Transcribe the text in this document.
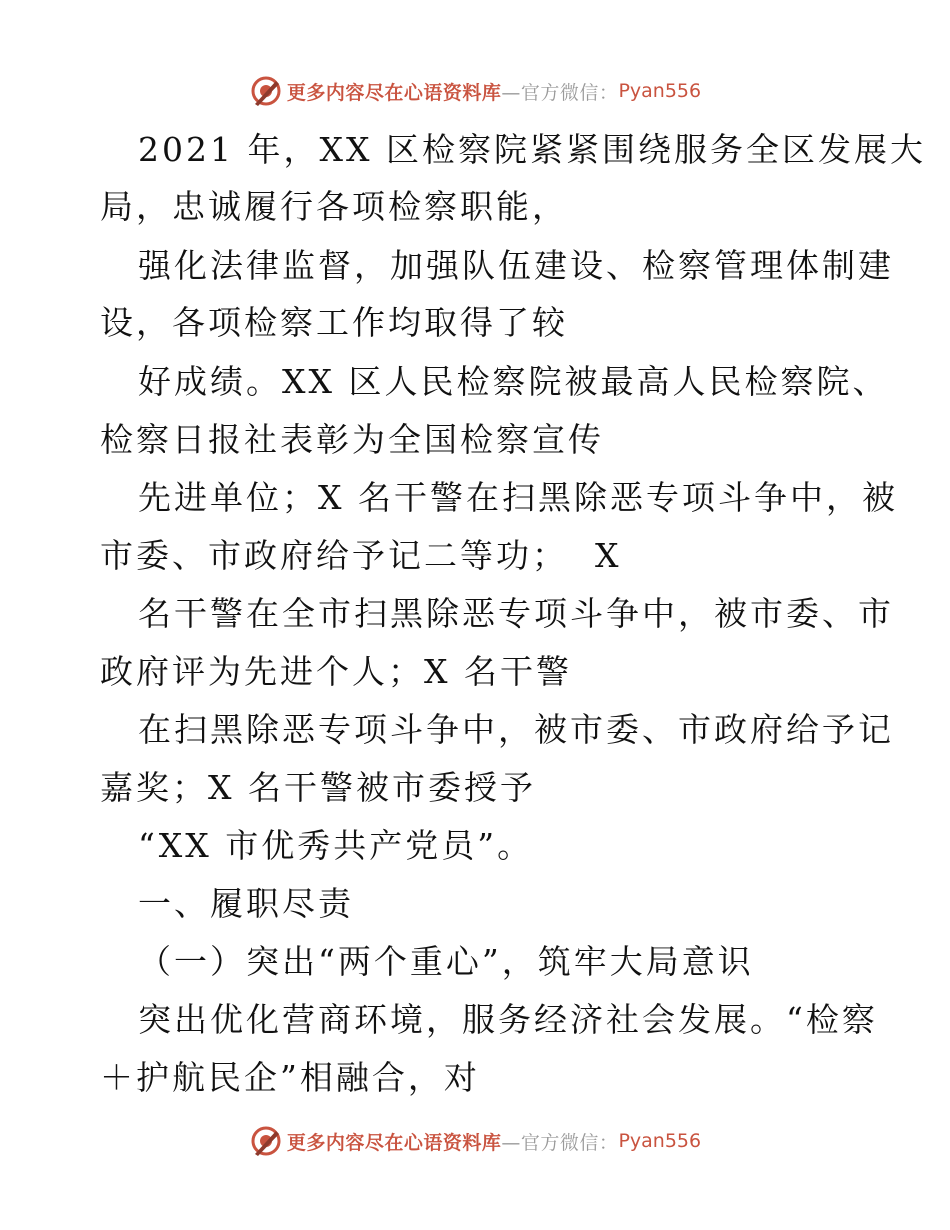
更多内容尽在心语资料库 —官方微信： Pyan556
2021 年，XX 区检察院紧紧围绕服务全区发展大
局，忠诚履行各项检察职能，
强化法律监督，加强队伍建设、检察管理体制建
设，各项检察工作均取得了较
好成绩。XX 区人民检察院被最高人民检察院、
检察日报社表彰为全国检察宣传
先进单位；X 名干警在扫黑除恶专项斗争中，被
市委、市政府给予记二等功；  X
名干警在全市扫黑除恶专项斗争中，被市委、市
政府评为先进个人；X 名干警
在扫黑除恶专项斗争中，被市委、市政府给予记
嘉奖；X 名干警被市委授予
“XX 市优秀共产党员”。
一、履职尽责
（一）突出“两个重心”，筑牢大局意识
突出优化营商环境，服务经济社会发展。“检察
＋护航民企”相融合，对
更多内容尽在心语资料库 —官方微信： Pyan556
